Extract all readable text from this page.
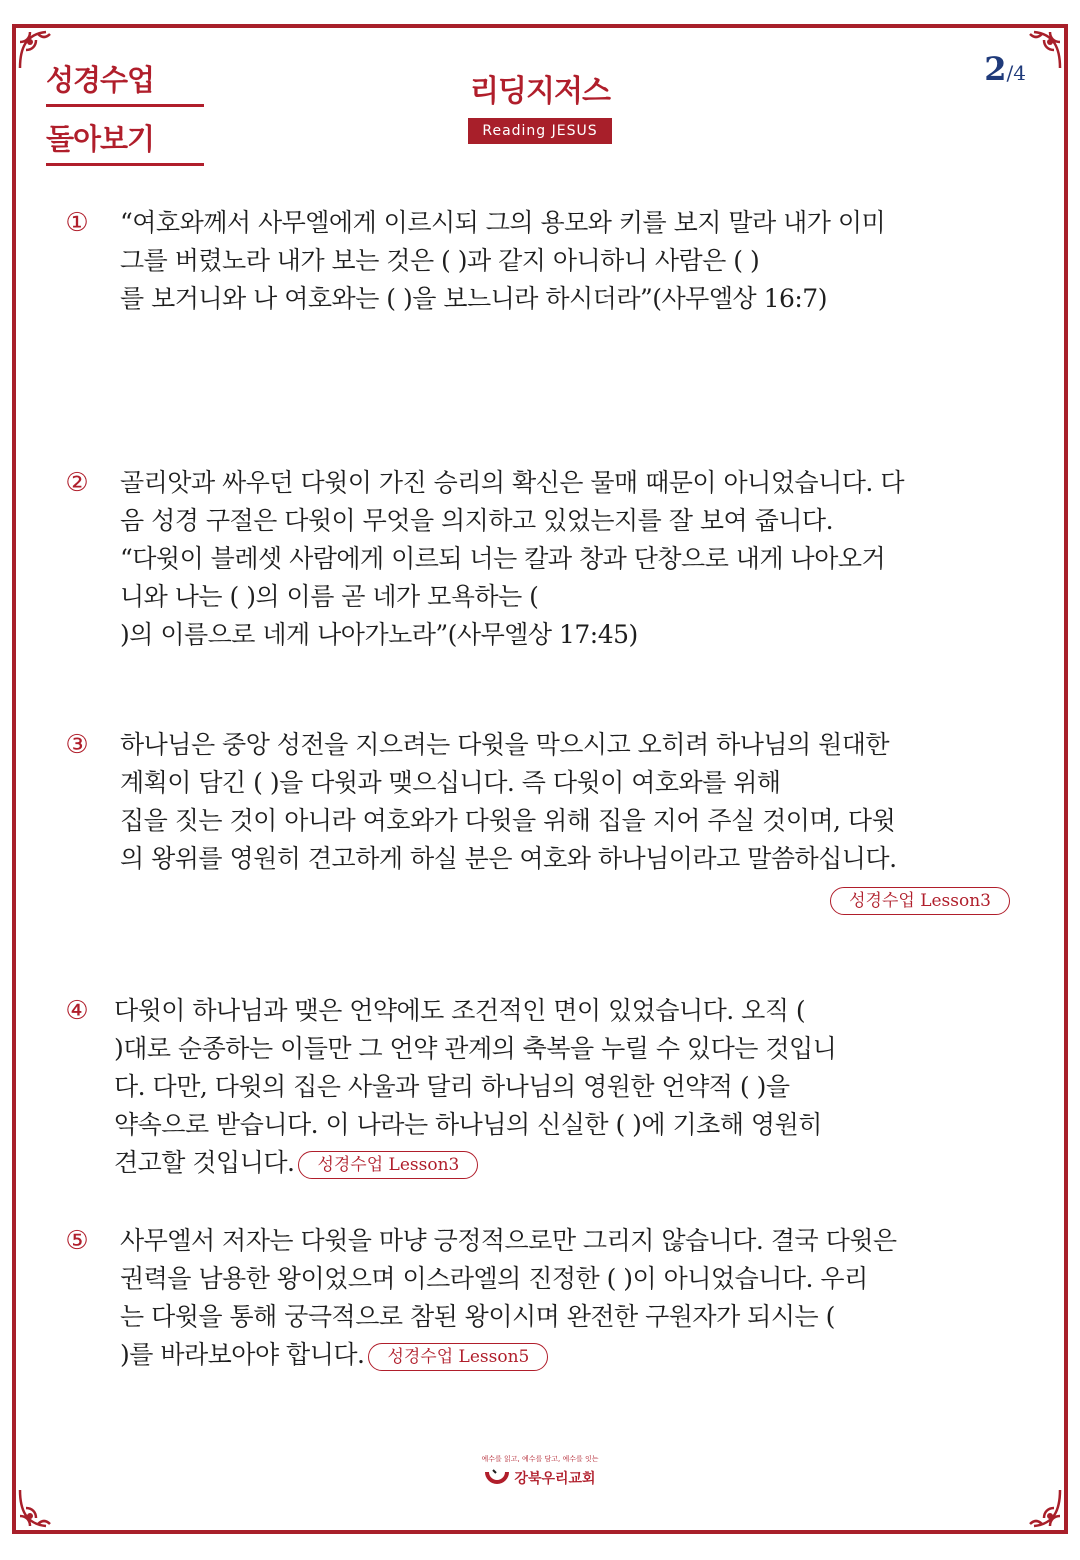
성경수업
돌아보기
리딩지저스
Reading JESUS
2/4
① “여호와께서 사무엘에게 이르시되 그의 용모와 키를 보지 말라 내가 이미
그를 버렸노라 내가 보는 것은 ( )과 같지 아니하니 사람은 ( )
를 보거니와 나 여호와는 ( )을 보느니라 하시더라”(사무엘상 16:7)
② 골리앗과 싸우던 다윗이 가진 승리의 확신은 물매 때문이 아니었습니다. 다
음 성경 구절은 다윗이 무엇을 의지하고 있었는지를 잘 보여 줍니다.
“다윗이 블레셋 사람에게 이르되 너는 칼과 창과 단창으로 내게 나아오거
니와 나는 ( )의 이름 곧 네가 모욕하는 (
)의 이름으로 네게 나아가노라”(사무엘상 17:45)
③ 하나님은 중앙 성전을 지으려는 다윗을 막으시고 오히려 하나님의 원대한
계획이 담긴 ( )을 다윗과 맺으십니다. 즉 다윗이 여호와를 위해
집을 짓는 것이 아니라 여호와가 다윗을 위해 집을 지어 주실 것이며, 다윗
의 왕위를 영원히 견고하게 하실 분은 여호와 하나님이라고 말씀하십니다.
성경수업 Lesson3
④ 다윗이 하나님과 맺은 언약에도 조건적인 면이 있었습니다. 오직 (
)대로 순종하는 이들만 그 언약 관계의 축복을 누릴 수 있다는 것입니
다. 다만, 다윗의 집은 사울과 달리 하나님의 영원한 언약적 ( )을
약속으로 받습니다. 이 나라는 하나님의 신실한 ( )에 기초해 영원히
견고할 것입니다. 성경수업 Lesson3
⑤ 사무엘서 저자는 다윗을 마냥 긍정적으로만 그리지 않습니다. 결국 다윗은
권력을 남용한 왕이었으며 이스라엘의 진정한 ( )이 아니었습니다. 우리
는 다윗을 통해 궁극적으로 참된 왕이시며 완전한 구원자가 되시는 (
)를 바라보아야 합니다. 성경수업 Lesson5
예수를 읽고, 예수를 담고, 예수를 잇는
강북우리교회
